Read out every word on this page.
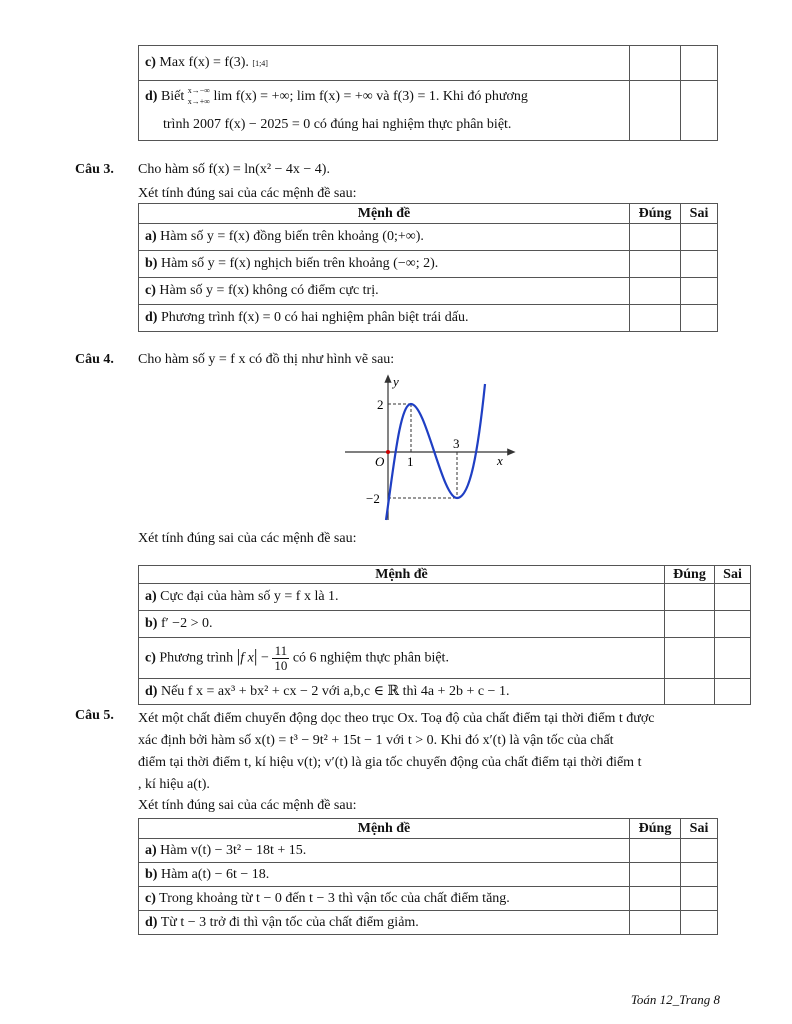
c) Max f(x) = f(3). [1;4]		
d) Biết x→−∞
x→+∞ lim f(x) = +∞; lim f(x) = +∞ và f(3) = 1. Khi đó phương
trình 2007 f(x) − 2025 = 0 có đúng hai nghiệm thực phân biệt.		
Câu 3. Cho hàm số f(x) = ln(x² − 4x − 4).
Xét tính đúng sai của các mệnh đề sau:
Mệnh đề	Đúng	Sai
a) Hàm số y = f(x) đồng biến trên khoảng (0;+∞).		
b) Hàm số y = f(x) nghịch biến trên khoảng (−∞; 2).		
c) Hàm số y = f(x) không có điểm cực trị.		
d) Phương trình f(x) = 0 có hai nghiệm phân biệt trái dấu.		
Câu 4. Cho hàm số y = f x có đồ thị như hình vẽ sau:
y
x
O
2
−2
1
3
Xét tính đúng sai của các mệnh đề sau:
Mệnh đề	Đúng	Sai
a) Cực đại của hàm số y = f x là 1.		
b) f′ −2 > 0.		
c) Phương trình |f $x| - \frac{11}{10}$ có 6 nghiệm thực phân biệt.		
d) Nếu f x = ax³ + bx² + cx − 2 với a,b,c ∈ ℝ thì 4a + 2b + c − 1.		
Câu 5. Xét một chất điểm chuyển động dọc theo trục Ox. Toạ độ của chất điểm tại thời điểm t được
xác định bởi hàm số x(t) = t³ − 9t² + 15t − 1 với t > 0. Khi đó x′(t) là vận tốc của chất
điểm tại thời điểm t, kí hiệu v(t); v′(t) là gia tốc chuyển động của chất điểm tại thời điểm t
, kí hiệu a(t).
Xét tính đúng sai của các mệnh đề sau:
Mệnh đề	Đúng	Sai
a) Hàm v(t) − 3t² − 18t + 15.		
b) Hàm a(t) − 6t − 18.		
c) Trong khoảng từ t − 0 đến t − 3 thì vận tốc của chất điểm tăng.		
d) Từ t − 3 trở đi thì vận tốc của chất điểm giảm.		
Toán 12_Trang 8
